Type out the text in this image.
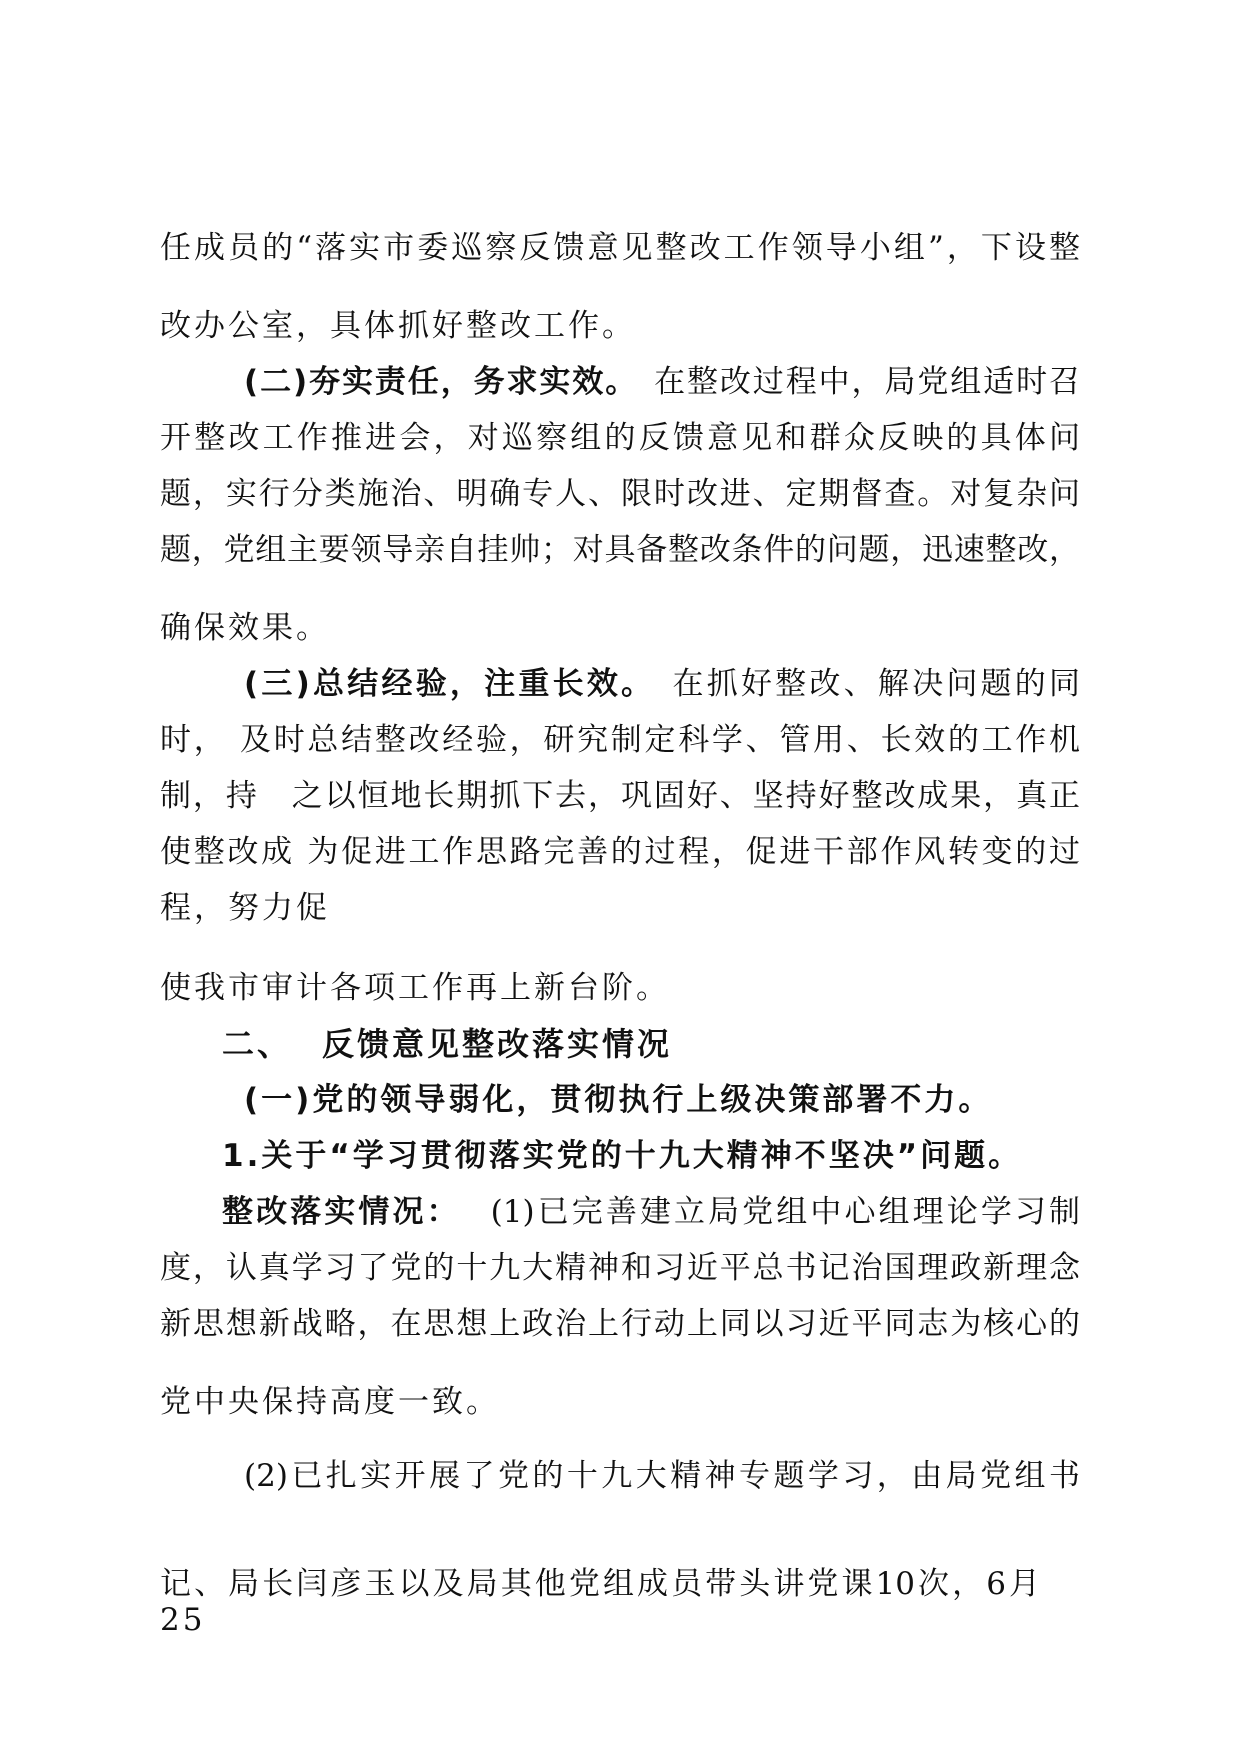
任成员的“落实市委巡察反馈意见整改工作领导小组”，下设整
改办公室，具体抓好整改工作。
(二)夯实责任，务求实效。 在整改过程中，局党组适时召
开整改工作推进会，对巡察组的反馈意见和群众反映的具体问
题，实行分类施治、明确专人、限时改进、定期督查。对复杂问
题，党组主要领导亲自挂帅；对具备整改条件的问题，迅速整改，
确保效果。
(三)总结经验，注重长效。 在抓好整改、解决问题的同
时， 及时总结整改经验，研究制定科学、管用、长效的工作机
制，持　之以恒地长期抓下去，巩固好、坚持好整改成果，真正
使整改成 为促进工作思路完善的过程，促进干部作风转变的过
程，努力促
使我市审计各项工作再上新台阶。
二、 反馈意见整改落实情况
(一)党的领导弱化，贯彻执行上级决策部署不力。
1.关于“学习贯彻落实党的十九大精神不坚决”问题。
整改落实情况： (1)已完善建立局党组中心组理论学习制
度，认真学习了党的十九大精神和习近平总书记治国理政新理念
新思想新战略，在思想上政治上行动上同以习近平同志为核心的
党中央保持高度一致。
(2)已扎实开展了党的十九大精神专题学习，由局党组书
记、局长闫彦玉以及局其他党组成员带头讲党课10次，6月
25
